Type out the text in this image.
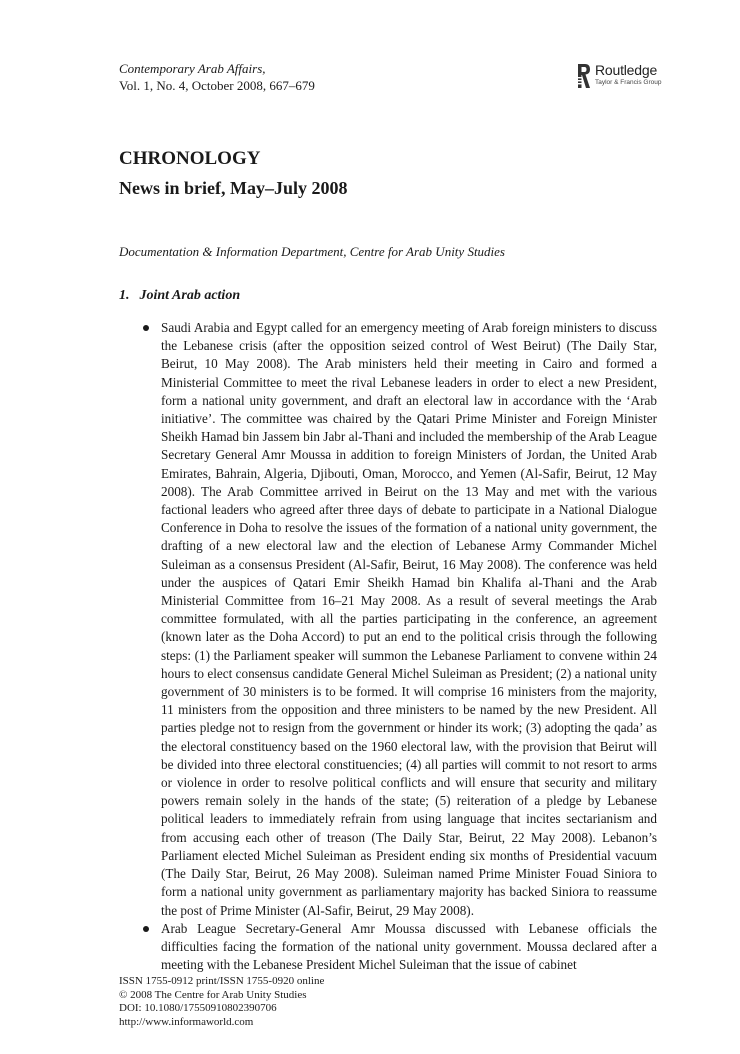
Contemporary Arab Affairs,
Vol. 1, No. 4, October 2008, 667–679
Routledge
Taylor & Francis Group
CHRONOLOGY
News in brief, May–July 2008
Documentation & Information Department, Centre for Arab Unity Studies
1. Joint Arab action

Saudi Arabia and Egypt called for an emergency meeting of Arab foreign ministers to discuss the Lebanese crisis (after the opposition seized control of West Beirut) (The Daily Star, Beirut, 10 May 2008). The Arab ministers held their meeting in Cairo and formed a Ministerial Committee to meet the rival Lebanese leaders in order to elect a new President, form a national unity government, and draft an electoral law in accordance with the ‘Arab initiative’. The committee was chaired by the Qatari Prime Minister and Foreign Minister Sheikh Hamad bin Jassem bin Jabr al-Thani and included the membership of the Arab League Secretary General Amr Moussa in addition to foreign Ministers of Jordan, the United Arab Emirates, Bahrain, Algeria, Djibouti, Oman, Morocco, and Yemen (Al-Safir, Beirut, 12 May 2008). The Arab Committee arrived in Beirut on the 13 May and met with the various factional leaders who agreed after three days of debate to participate in a National Dialogue Conference in Doha to resolve the issues of the formation of a national unity government, the drafting of a new electoral law and the election of Lebanese Army Commander Michel Suleiman as a consensus President (Al-Safir, Beirut, 16 May 2008). The conference was held under the auspices of Qatari Emir Sheikh Hamad bin Khalifa al-Thani and the Arab Ministerial Committee from 16–21 May 2008. As a result of several meetings the Arab committee formulated, with all the parties participating in the conference, an agreement (known later as the Doha Accord) to put an end to the political crisis through the following steps: (1) the Parliament speaker will summon the Lebanese Parliament to convene within 24 hours to elect consensus candidate General Michel Suleiman as President; (2) a national unity government of 30 ministers is to be formed. It will comprise 16 ministers from the majority, 11 ministers from the opposition and three ministers to be named by the new President. All parties pledge not to resign from the government or hinder its work; (3) adopting the qada’ as the electoral constituency based on the 1960 electoral law, with the provision that Beirut will be divided into three electoral constituencies; (4) all parties will commit to not resort to arms or violence in order to resolve political conflicts and will ensure that security and military powers remain solely in the hands of the state; (5) reiteration of a pledge by Lebanese political leaders to immediately refrain from using language that incites sectarianism and from accusing each other of treason (The Daily Star, Beirut, 22 May 2008). Lebanon’s Parliament elected Michel Suleiman as President ending six months of Presidential vacuum (The Daily Star, Beirut, 26 May 2008). Suleiman named Prime Minister Fouad Siniora to form a national unity government as parliamentary majority has backed Siniora to reassume the post of Prime Minister (Al-Safir, Beirut, 29 May 2008).

Arab League Secretary-General Amr Moussa discussed with Lebanese officials the difficulties facing the formation of the national unity government. Moussa declared after a meeting with the Lebanese President Michel Suleiman that the issue of cabinet

ISSN 1755-0912 print/ISSN 1755-0920 online
© 2008 The Centre for Arab Unity Studies
DOI: 10.1080/17550910802390706
http://www.informaworld.com
